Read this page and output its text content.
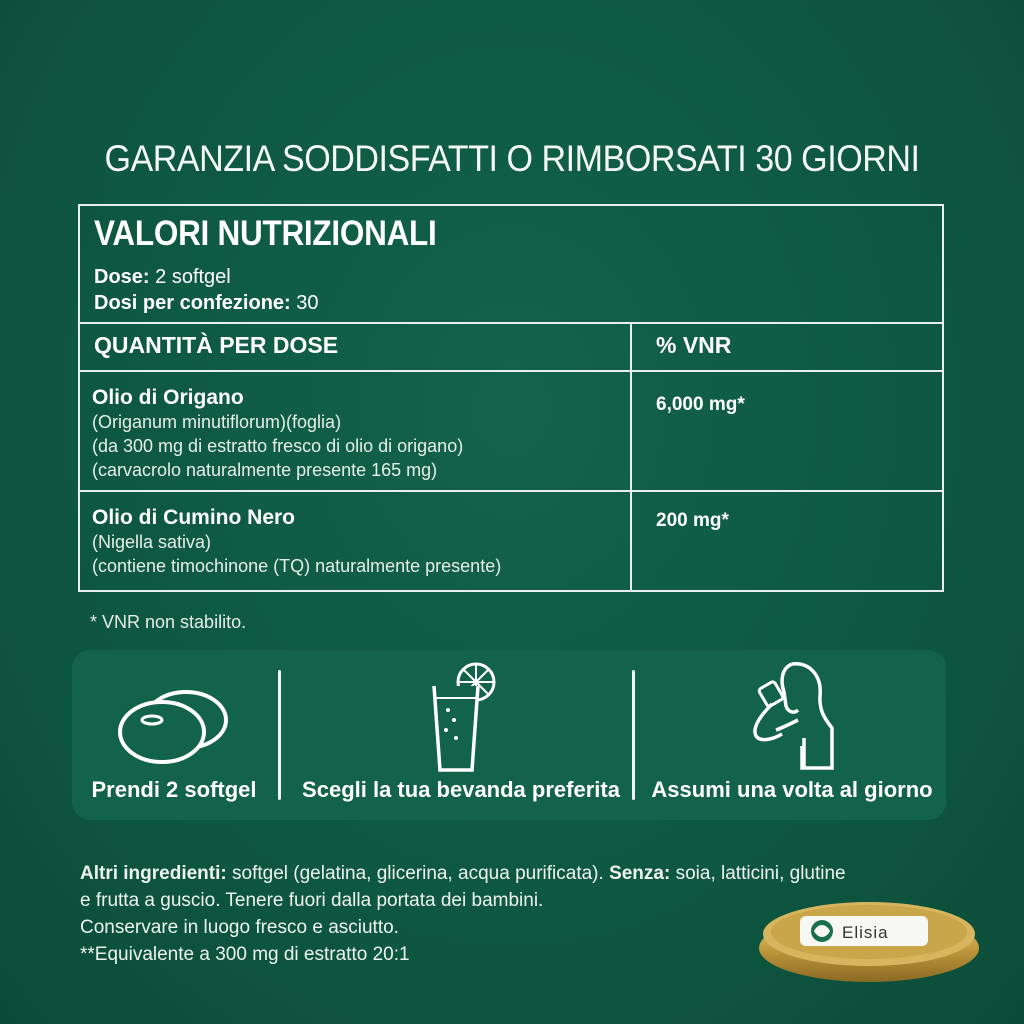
GARANZIA SODDISFATTI O RIMBORSATI 30 GIORNI
VALORI NUTRIZIONALI
Dose: 2 softgel
Dosi per confezione: 30
QUANTITÀ PER DOSE	% VNR
Olio di Origano
(Origanum minutiflorum)(foglia)
(da 300 mg di estratto fresco di olio di origano)
(carvacrolo naturalmente presente 165 mg)
6,000 mg*
Olio di Cumino Nero
(Nigella sativa)
(contiene timochinone (TQ) naturalmente presente)
200 mg*
* VNR non stabilito.
Prendi 2 softgel	Scegli la tua bevanda preferita	Assumi una volta al giorno
Altri ingredienti: softgel (gelatina, glicerina, acqua purificata). Senza: soia, latticini, glutine
e frutta a guscio. Tenere fuori dalla portata dei bambini.
Conservare in luogo fresco e asciutto.
**Equivalente a 300 mg di estratto 20:1
Elisia
